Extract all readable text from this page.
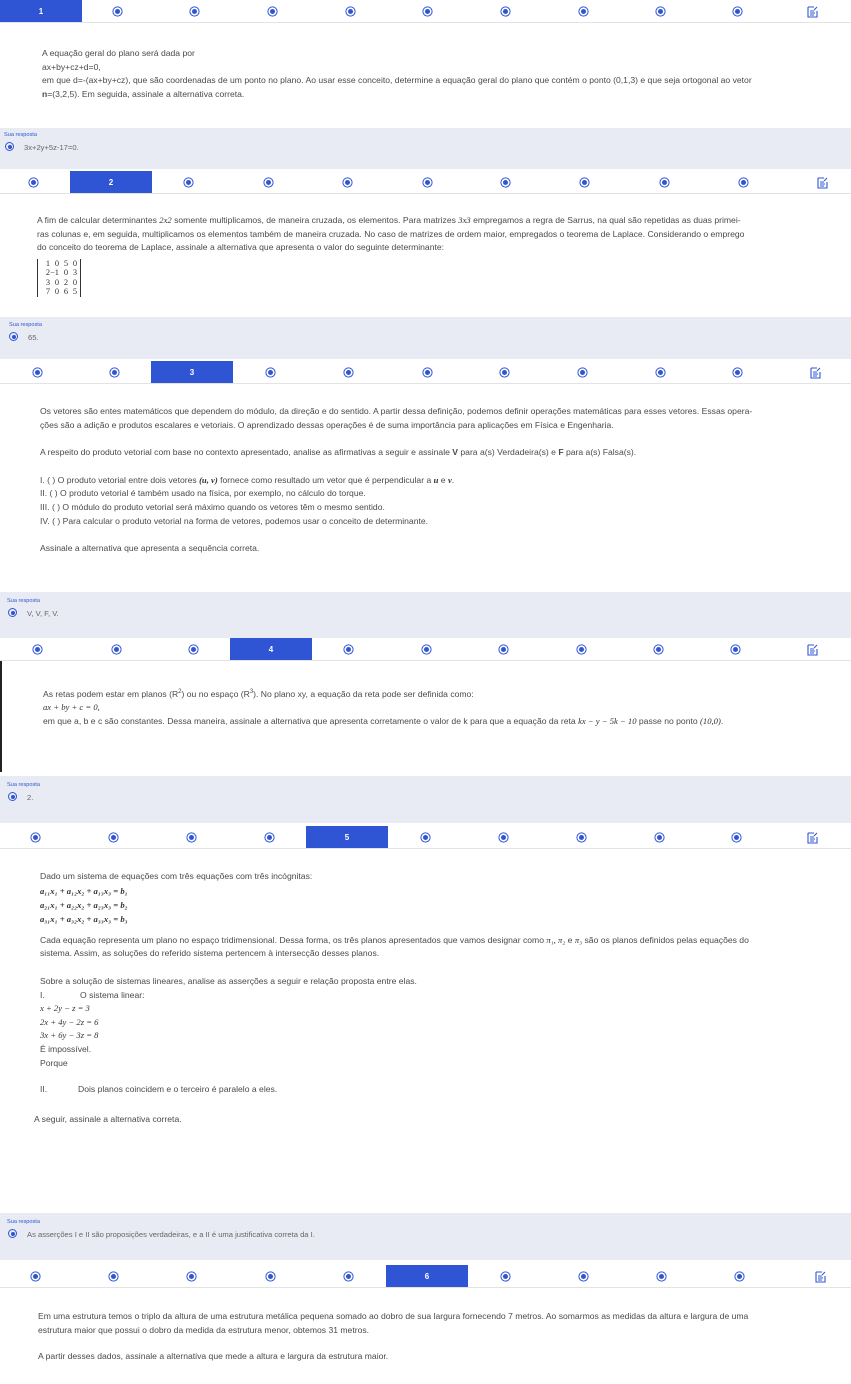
1

A equação geral do plano será dada por

ax+by+cz+d=0,

em que d=-(ax+by+cz), que são coordenadas de um ponto no plano. Ao usar esse conceito, determine a equação geral do plano que contém o ponto (0,1,3) e que seja ortogonal ao vetor

n=(3,2,5). Em seguida, assinale a alternativa correta.

Sua resposta
3x+2y+5z-17=0.
2

A fim de calcular determinantes 2x2 somente multiplicamos, de maneira cruzada, os elementos. Para matrizes 3x3 empregamos a regra de Sarrus, na qual são repetidas as duas primei-

ras colunas e, em seguida, multiplicamos os elementos também de maneira cruzada. No caso de matrizes de ordem maior, empregados o teorema de Laplace. Considerando o emprego

do conceito do teorema de Laplace, assinale a alternativa que apresenta o valor do seguinte determinante:

1 0 5 0
2−1 0 3
3 0 2 0
7 0 6 5
Sua resposta
65.
3

Os vetores são entes matemáticos que dependem do módulo, da direção e do sentido. A partir dessa definição, podemos definir operações matemáticas para esses vetores. Essas opera-

ções são a adição e produtos escalares e vetoriais. O aprendizado dessas operações é de suma importância para aplicações em Física e Engenharia.

A respeito do produto vetorial com base no contexto apresentado, analise as afirmativas a seguir e assinale V para a(s) Verdadeira(s) e F para a(s) Falsa(s).

I. ( ) O produto vetorial entre dois vetores (u, v) fornece como resultado um vetor que é perpendicular a u e v.

II. ( ) O produto vetorial é também usado na física, por exemplo, no cálculo do torque.

III. ( ) O módulo do produto vetorial será máximo quando os vetores têm o mesmo sentido.

IV. ( ) Para calcular o produto vetorial na forma de vetores, podemos usar o conceito de determinante.

Assinale a alternativa que apresenta a sequência correta.

Sua resposta
V, V, F, V.
4

As retas podem estar em planos $(R^2)$ ou no espaço $(R^3)$. No plano xy, a equação da reta pode ser definida como:

ax + by + c = 0,

em que a, b e c são constantes. Dessa maneira, assinale a alternativa que apresenta corretamente o valor de k para que a equação da reta kx − y − 5k − 10 passe no ponto (10,0).

Sua resposta
2.
5

Dado um sistema de equações com três equações com três incógnitas:

a₁₁x₁ + a₁₂x₂ + a₁₃x₃ = b₁

a₂₁x₁ + a₂₂x₂ + a₂₃x₃ = b₂

a₃₁x₁ + a₃₂x₂ + a₃₃x₃ = b₃

Cada equação representa um plano no espaço tridimensional. Dessa forma, os três planos apresentados que vamos designar como π₁, π₂ e π₃ são os planos definidos pelas equações do

sistema. Assim, as soluções do referido sistema pertencem à intersecção desses planos.

Sobre a solução de sistemas lineares, analise as asserções a seguir e relação proposta entre elas.

I.	O sistema linear:

x + 2y − z = 3

2x + 4y − 2z = 6

3x + 6y − 3z = 8

É impossível.

Porque

II.	Dois planos coincidem e o terceiro é paralelo a eles.

A seguir, assinale a alternativa correta.

Sua resposta
As asserções I e II são proposições verdadeiras, e a II é uma justificativa correta da I.
6

Em uma estrutura temos o triplo da altura de uma estrutura metálica pequena somado ao dobro de sua largura fornecendo 7 metros. Ao somarmos as medidas da altura e largura de uma

estrutura maior que possui o dobro da medida da estrutura menor, obtemos 31 metros.

A partir desses dados, assinale a alternativa que mede a altura e largura da estrutura maior.
